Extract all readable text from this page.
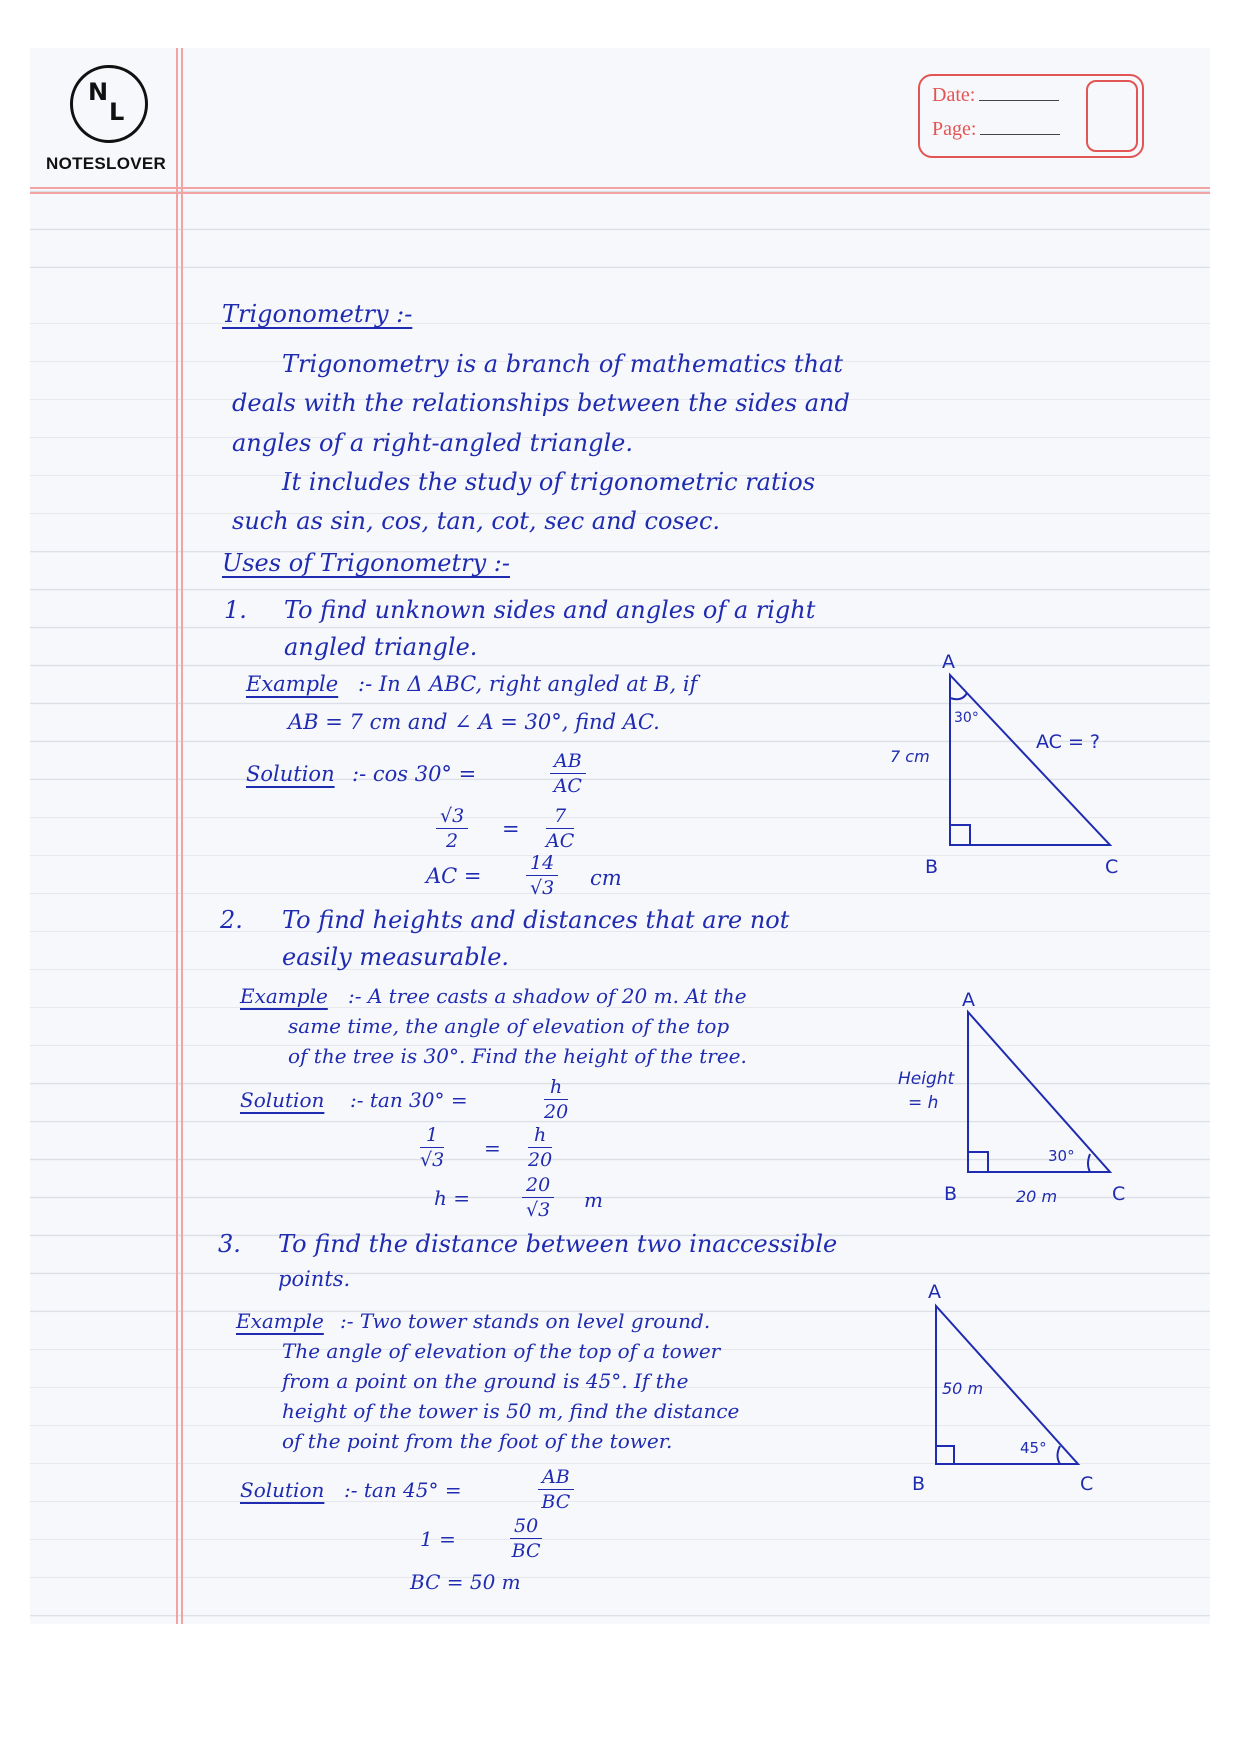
N
L
NOTESLOVER
Date:
Page:
Trigonometry :-
Trigonometry is a branch of mathematics that
deals with the relationships between the sides and
angles of a right-angled triangle.
It includes the study of trigonometric ratios
such as sin, cos, tan, cot, sec and cosec.
Uses of Trigonometry :-
1. To find unknown sides and angles of a right
angled triangle.
Example :- In Δ ABC, right angled at B, if
AB = 7 cm and ∠ A = 30°, find AC.
Solution :- cos 30° =	$\frac{AB}{AC}$
$\frac{√3}{2} = \frac{7}{AC}$
AC = $\frac{14}{√3}$ cm
A
B	C
30°
7 cm
AC = ?
2. To find heights and distances that are not
easily measurable.
Example :- A tree casts a shadow of 20 m. At the
same time, the angle of elevation of the top
of the tree is 30°. Find the height of the tree.
Solution :- tan 30° =	$\frac{h}{20}$
$\frac{1}{√3} = \frac{h}{20}$
h =	$\frac{20}{√3}$ m
A
B	C
30°
Height
= h
20 m
3. To find the distance between two inaccessible
points.
Example :- Two tower stands on level ground.
The angle of elevation of the top of a tower
from a point on the ground is 45°. If the
height of the tower is 50 m, find the distance
of the point from the foot of the tower.
Solution :- tan 45° =	$\frac{AB}{BC}$
1 =	$\frac{50}{BC}$
BC = 50 m
A
B	C
45°
50 m
